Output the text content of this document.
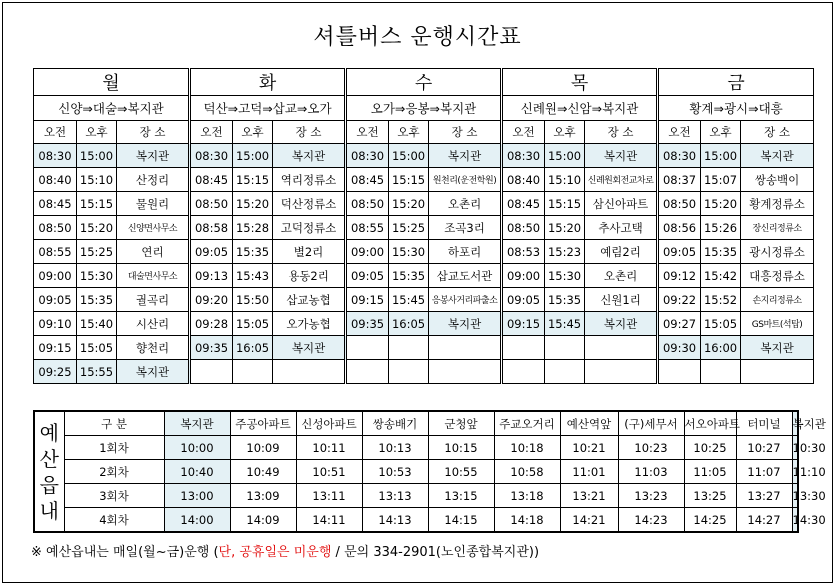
셔틀버스 운행시간표
월			화			수			목			금		
신양⇒대술⇒복지관			덕산⇒고덕⇒삽교⇒오가			오가⇒응봉⇒복지관			신례원⇒신암⇒복지관			황계⇒광시⇒대흥		
오전	오후	장 소	오전	오후	장 소	오전	오후	장 소	오전	오후	장 소	오전	오후	장 소
08:30	15:00	복지관	08:30	15:00	복지관	08:30	15:00	복지관	08:30	15:00	복지관	08:30	15:00	복지관
08:40	15:10	산정리	08:45	15:15	역리정류소	08:45	15:15	원천리(운전학원)	08:40	15:10	신례원회전교차로	08:37	15:07	쌍송백이
08:45	15:15	물원리	08:50	15:20	덕산정류소	08:50	15:20	오촌리	08:45	15:15	삼신아파트	08:50	15:20	황계정류소
08:50	15:20	신양면사무소	08:58	15:28	고덕정류소	08:55	15:25	조곡3리	08:50	15:20	추사고택	08:56	15:26	장신리정류소
08:55	15:25	연리	09:05	15:35	별2리	09:00	15:30	하포리	08:53	15:23	예림2리	09:05	15:35	광시정류소
09:00	15:30	대술면사무소	09:13	15:43	용동2리	09:05	15:35	삽교도서관	09:00	15:30	오촌리	09:12	15:42	대흥정류소
09:05	15:35	궐곡리	09:20	15:50	삽교농협	09:15	15:45	응봉사거리파출소	09:05	15:35	신원1리	09:22	15:52	손지리정류소
09:10	15:40	시산리	09:28	15:05	오가농협	09:35	16:05	복지관	09:15	15:45	복지관	09:27	15:05	GS마트(석탑)
09:15	15:05	향천리	09:35	16:05	복지관							09:30	16:00	복지관
09:25	15:55	복지관												
예
산
읍
내	구 분	복지관	주공아파트	신성아파트	쌍송배기	군청앞	주교오거리	예산역앞	(구)세무서	서오아파트	터미널	복지관
	1회차	10:00	10:09	10:11	10:13	10:15	10:18	10:21	10:23	10:25	10:27	10:30
	2회차	10:40	10:49	10:51	10:53	10:55	10:58	11:01	11:03	11:05	11:07	11:10
	3회차	13:00	13:09	13:11	13:13	13:15	13:18	13:21	13:23	13:25	13:27	13:30
	4회차	14:00	14:09	14:11	14:13	14:15	14:18	14:21	14:23	14:25	14:27	14:30
※ 예산읍내는 매일(월~금)운행 (단, 공휴일은 미운행 / 문의 334-2901(노인종합복지관))
